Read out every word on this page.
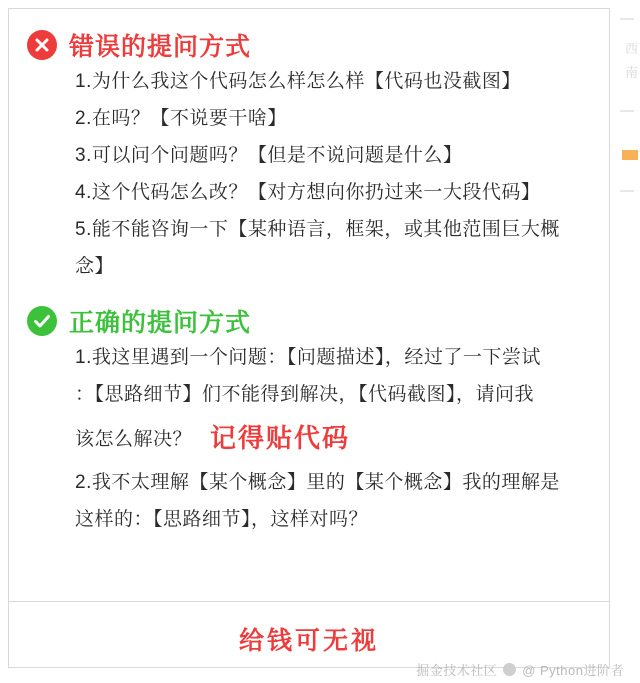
西
南
错误的提问方式

1.为什么我这个代码怎么样怎么样【代码也没截图】

2.在吗？【不说要干啥】

3.可以问个问题吗？【但是不说问题是什么】

4.这个代码怎么改？【对方想向你扔过来一大段代码】

5.能不能咨询一下【某种语言，框架，或其他范围巨大概

念】

正确的提问方式

1.我这里遇到一个问题：【问题描述】，经过了一下尝试

：【思路细节】们不能得到解决，【代码截图】，请问我

该怎么解决？ 记得贴代码

2.我不太理解【某个概念】里的【某个概念】我的理解是

这样的：【思路细节】，这样对吗？

给钱可无视
掘金技术社区 @ Python进阶者
